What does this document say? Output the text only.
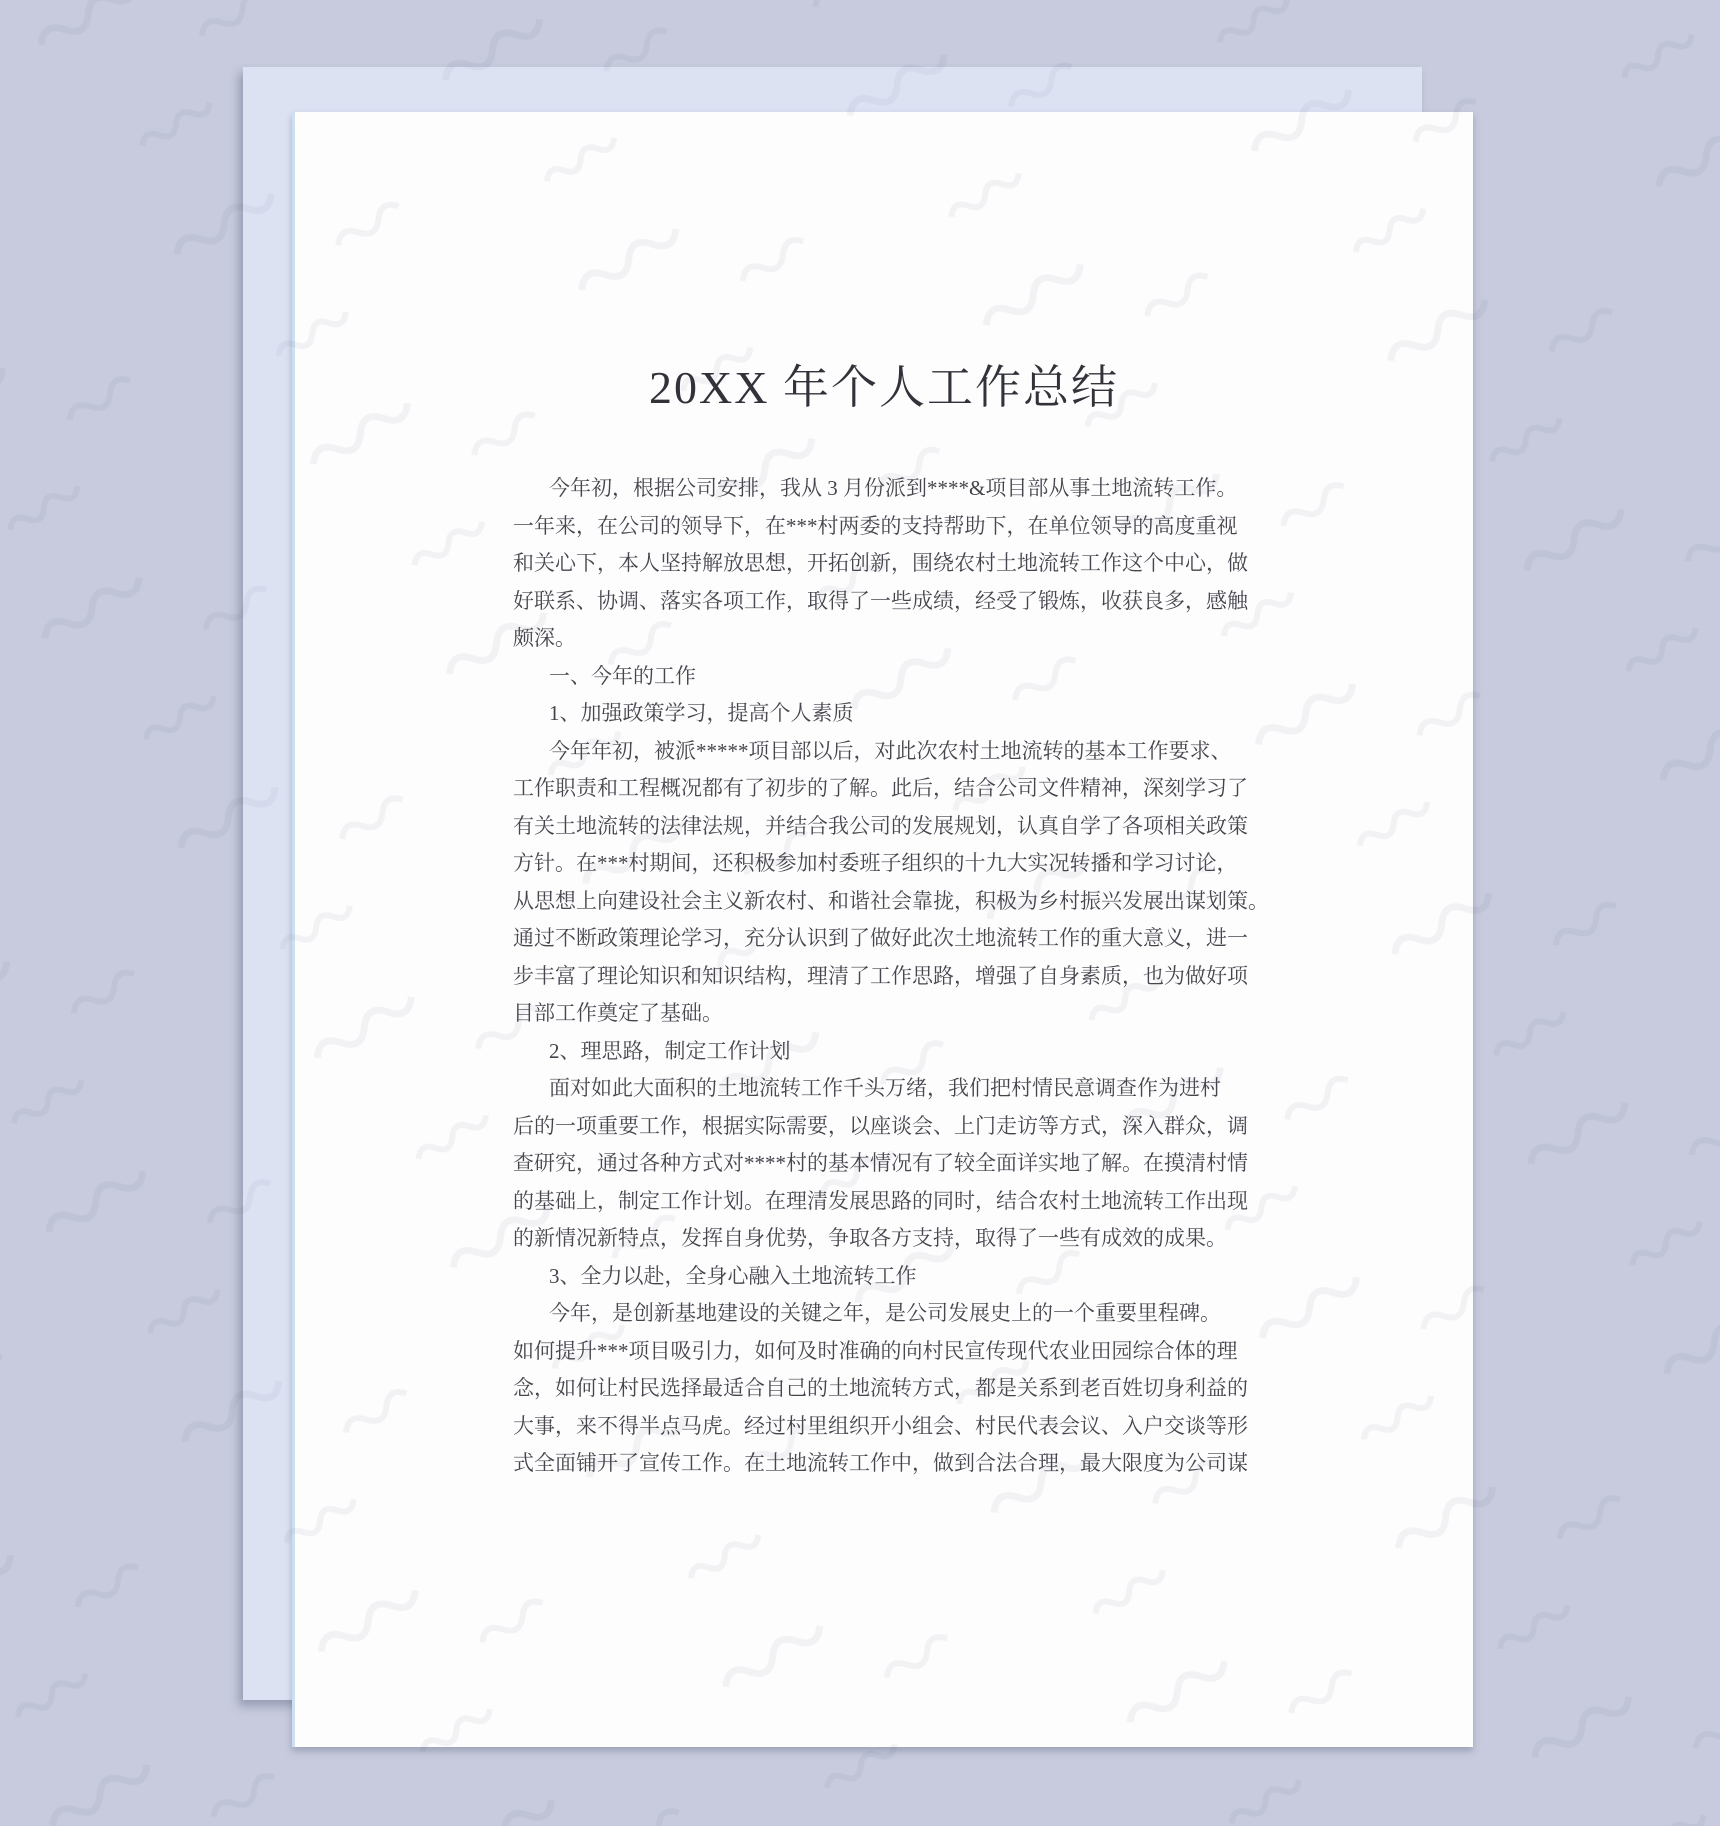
20XX 年个人工作总结
今年初，根据公司安排，我从 3 月份派到****&项目部从事土地流转工作。
一年来，在公司的领导下，在***村两委的支持帮助下，在单位领导的高度重视
和关心下，本人坚持解放思想，开拓创新，围绕农村土地流转工作这个中心，做
好联系、协调、落实各项工作，取得了一些成绩，经受了锻炼，收获良多，感触
颇深。
一、今年的工作
1、加强政策学习，提高个人素质
今年年初，被派*****项目部以后，对此次农村土地流转的基本工作要求、
工作职责和工程概况都有了初步的了解。此后，结合公司文件精神，深刻学习了
有关土地流转的法律法规，并结合我公司的发展规划，认真自学了各项相关政策
方针。在***村期间，还积极参加村委班子组织的十九大实况转播和学习讨论，
从思想上向建设社会主义新农村、和谐社会靠拢，积极为乡村振兴发展出谋划策。
通过不断政策理论学习，充分认识到了做好此次土地流转工作的重大意义，进一
步丰富了理论知识和知识结构，理清了工作思路，增强了自身素质，也为做好项
目部工作奠定了基础。
2、理思路，制定工作计划
面对如此大面积的土地流转工作千头万绪，我们把村情民意调查作为进村
后的一项重要工作，根据实际需要，以座谈会、上门走访等方式，深入群众，调
查研究，通过各种方式对****村的基本情况有了较全面详实地了解。在摸清村情
的基础上，制定工作计划。在理清发展思路的同时，结合农村土地流转工作出现
的新情况新特点，发挥自身优势，争取各方支持，取得了一些有成效的成果。
3、全力以赴，全身心融入土地流转工作
今年，是创新基地建设的关键之年，是公司发展史上的一个重要里程碑。
如何提升***项目吸引力，如何及时准确的向村民宣传现代农业田园综合体的理
念，如何让村民选择最适合自己的土地流转方式，都是关系到老百姓切身利益的
大事，来不得半点马虎。经过村里组织开小组会、村民代表会议、入户交谈等形
式全面铺开了宣传工作。在土地流转工作中，做到合法合理，最大限度为公司谋
